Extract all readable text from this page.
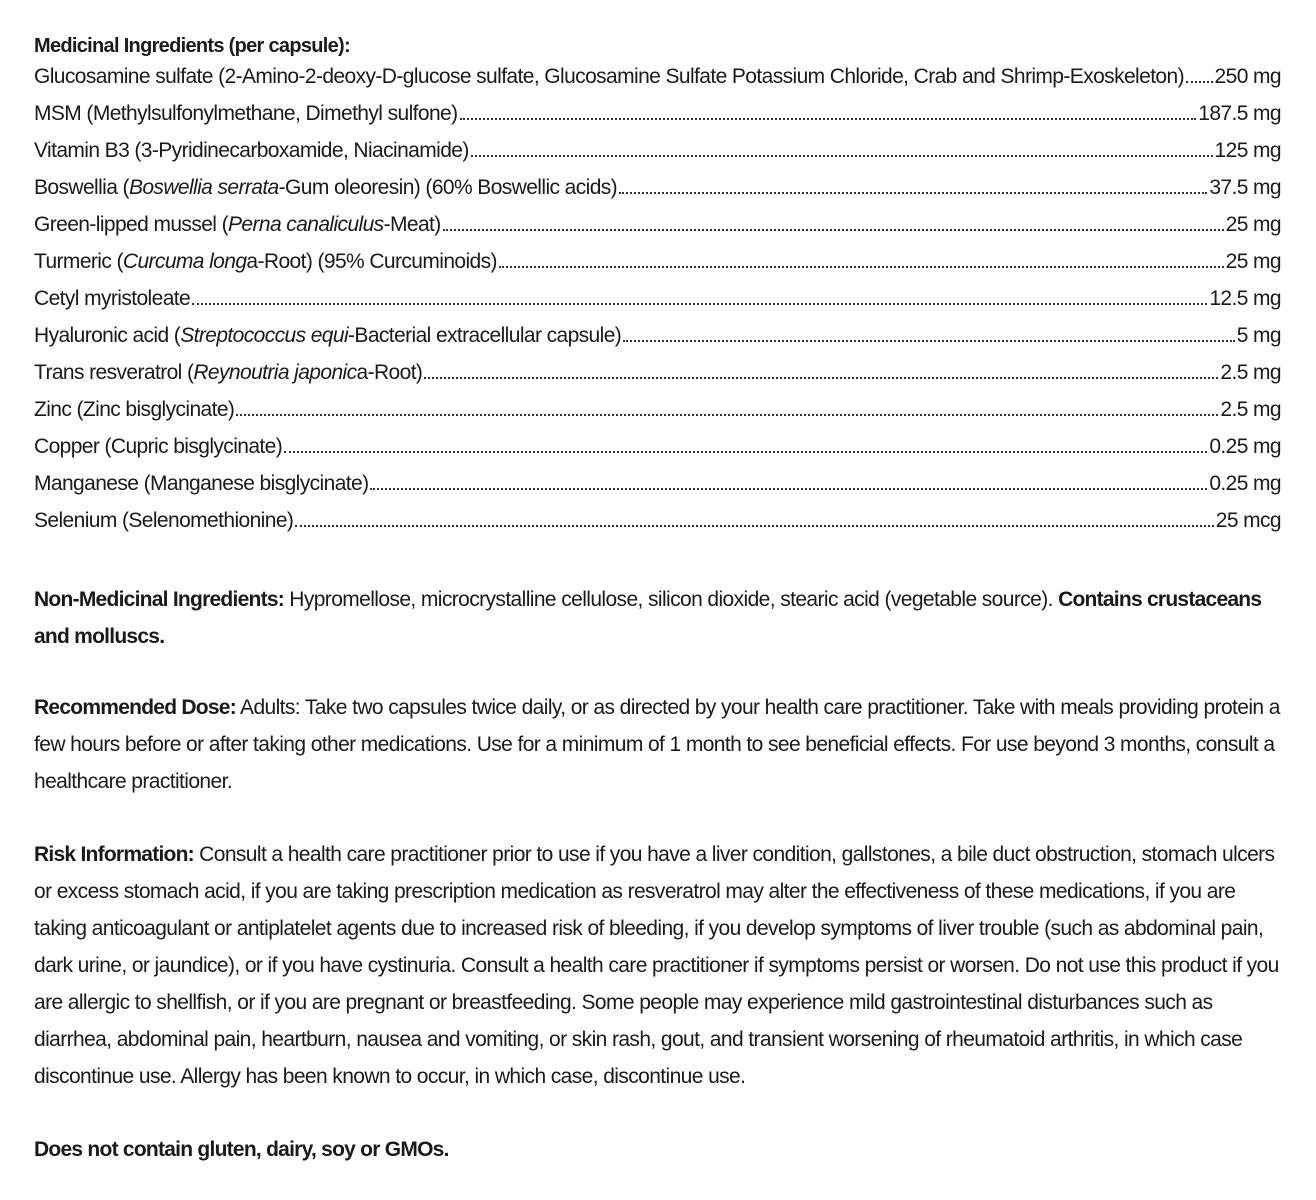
Medicinal Ingredients (per capsule):
Glucosamine sulfate (2-Amino-2-deoxy-D-glucose sulfate, Glucosamine Sulfate Potassium Chloride, Crab and Shrimp-Exoskeleton) 250 mg
MSM (Methylsulfonylmethane, Dimethyl sulfone)	187.5 mg
Vitamin B3 (3-Pyridinecarboxamide, Niacinamide)	125 mg
Boswellia (Boswellia serrata-Gum oleoresin) (60% Boswellic acids)	37.5 mg
Green-lipped mussel (Perna canaliculus-Meat)	25 mg
Turmeric (Curcuma longa-Root) (95% Curcuminoids)	25 mg
Cetyl myristoleate	12.5 mg
Hyaluronic acid (Streptococcus equi-Bacterial extracellular capsule)	5 mg
Trans resveratrol (Reynoutria japonica-Root)	2.5 mg
Zinc (Zinc bisglycinate)	2.5 mg
Copper (Cupric bisglycinate)	0.25 mg
Manganese (Manganese bisglycinate)	0.25 mg
Selenium (Selenomethionine)	25 mcg

Non-Medicinal Ingredients: Hypromellose, microcrystalline cellulose, silicon dioxide, stearic acid (vegetable source). Contains crustaceans and molluscs.

Recommended Dose: Adults: Take two capsules twice daily, or as directed by your health care practitioner. Take with meals providing protein a few hours before or after taking other medications. Use for a minimum of 1 month to see beneficial effects. For use beyond 3 months, consult a healthcare practitioner.

Risk Information: Consult a health care practitioner prior to use if you have a liver condition, gallstones, a bile duct obstruction, stomach ulcers or excess stomach acid, if you are taking prescription medication as resveratrol may alter the effectiveness of these medications, if you are taking anticoagulant or antiplatelet agents due to increased risk of bleeding, if you develop symptoms of liver trouble (such as abdominal pain, dark urine, or jaundice), or if you have cystinuria. Consult a health care practitioner if symptoms persist or worsen. Do not use this product if you are allergic to shellfish, or if you are pregnant or breastfeeding. Some people may experience mild gastrointestinal disturbances such as diarrhea, abdominal pain, heartburn, nausea and vomiting, or skin rash, gout, and transient worsening of rheumatoid arthritis, in which case discontinue use. Allergy has been known to occur, in which case, discontinue use.

Does not contain gluten, dairy, soy or GMOs.
